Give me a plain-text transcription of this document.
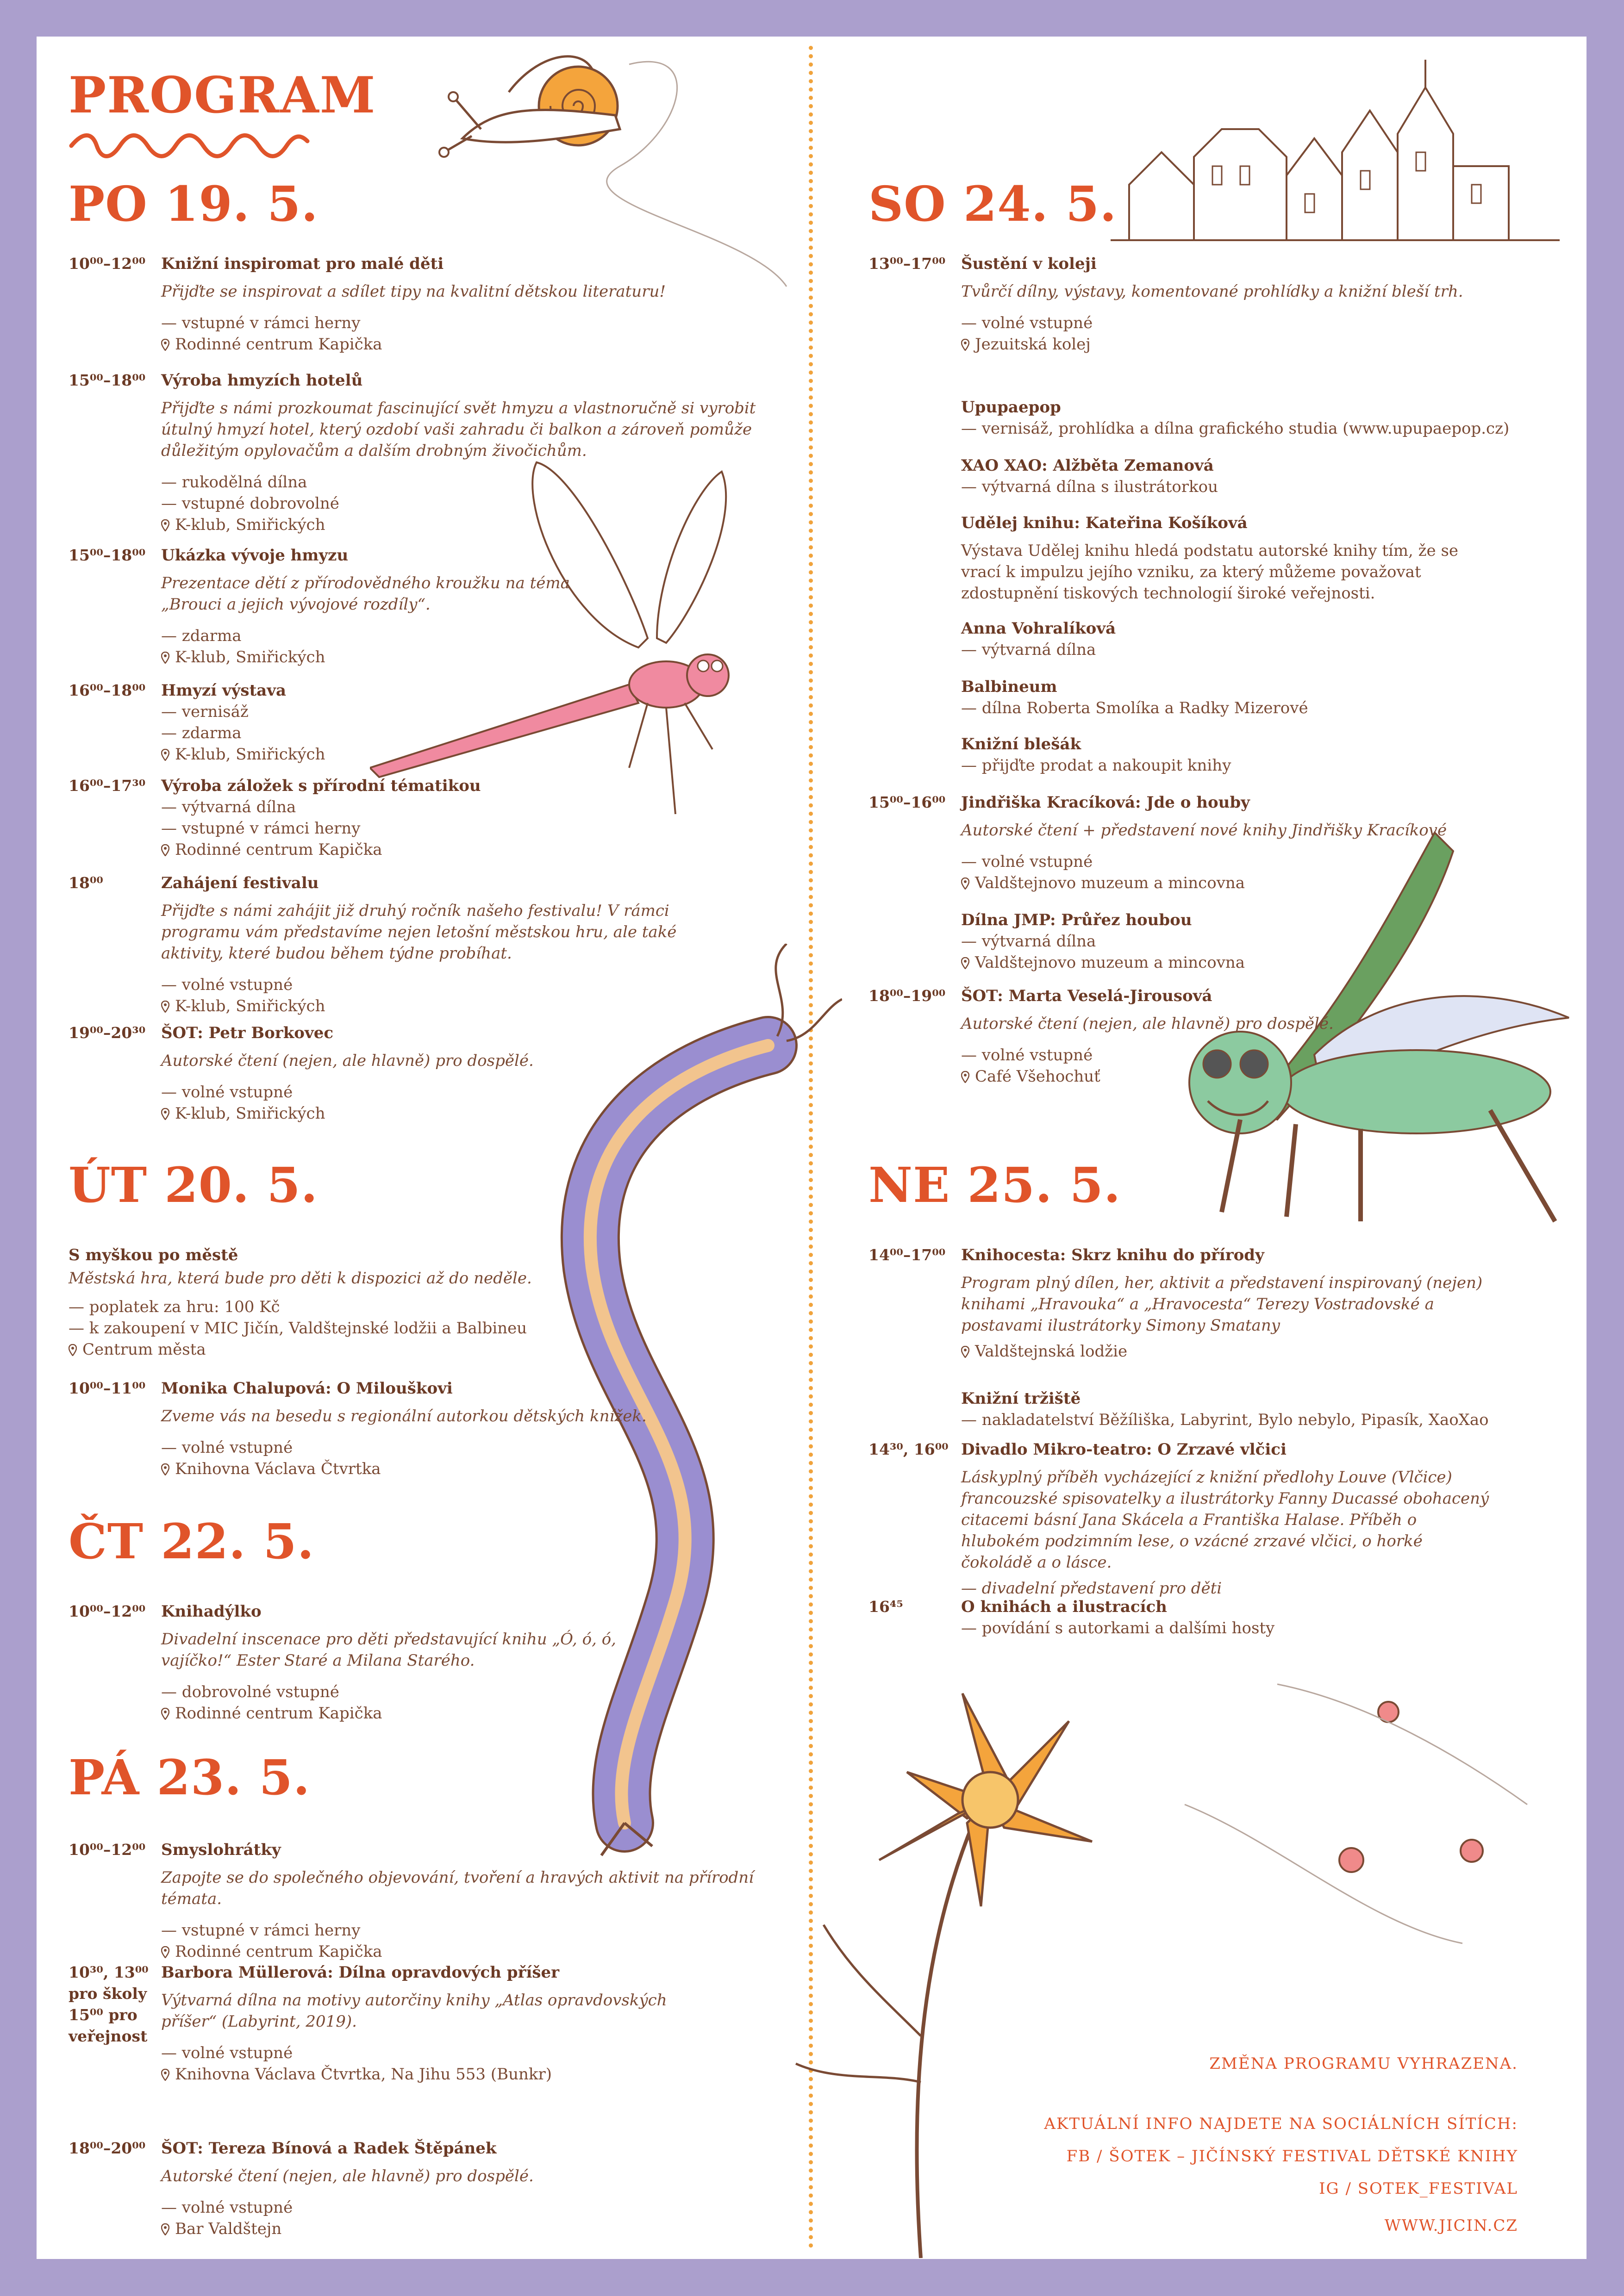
PROGRAM
PO 19. 5.
10⁰⁰–12⁰⁰ Knižní inspiromat pro malé děti
Přijďte se inspirovat a sdílet tipy na kvalitní dětskou literaturu!
— vstupné v rámci herny
Rodinné centrum Kapička
15⁰⁰–18⁰⁰ Výroba hmyzích hotelů
Přijďte s námi prozkoumat fascinující svět hmyzu a vlastnoručně si vyrobit útulný hmyzí hotel, který ozdobí vaši zahradu či balkon a zároveň pomůže důležitým opylovačům a dalším drobným živočichům.
— rukodělná dílna
— vstupné dobrovolné
K-klub, Smiřických
15⁰⁰–18⁰⁰ Ukázka vývoje hmyzu
Prezentace dětí z přírodovědného kroužku na téma „Brouci a jejich vývojové rozdíly“.
— zdarma
K-klub, Smiřických
16⁰⁰–18⁰⁰ Hmyzí výstava
— vernisáž
— zdarma
K-klub, Smiřických
16⁰⁰–17³⁰ Výroba záložek s přírodní tématikou
— výtvarná dílna
— vstupné v rámci herny
Rodinné centrum Kapička
18⁰⁰	Zahájení festivalu
Přijďte s námi zahájit již druhý ročník našeho festivalu! V rámci programu vám představíme nejen letošní městskou hru, ale také aktivity, které budou během týdne probíhat.
— volné vstupné
K-klub, Smiřických
19⁰⁰–20³⁰ ŠOT: Petr Borkovec
Autorské čtení (nejen, ale hlavně) pro dospělé.
— volné vstupné
K-klub, Smiřických
ÚT 20. 5.
S myškou po městě
Městská hra, která bude pro děti k dispozici až do neděle.
— poplatek za hru: 100 Kč
— k zakoupení v MIC Jičín, Valdštejnské lodžii a Balbineu
Centrum města
10⁰⁰–11⁰⁰ Monika Chalupová: O Milouškovi
Zveme vás na besedu s regionální autorkou dětských knížek.
— volné vstupné
Knihovna Václava Čtvrtka
ČT 22. 5.
10⁰⁰–12⁰⁰ Knihadýlko
Divadelní inscenace pro děti představující knihu „Ó, ó, ó, vajíčko!“ Ester Staré a Milana Starého.
— dobrovolné vstupné
Rodinné centrum Kapička
PÁ 23. 5.
10⁰⁰–12⁰⁰ Smyslohrátky
Zapojte se do společného objevování, tvoření a hravých aktivit na přírodní témata.
— vstupné v rámci herny
Rodinné centrum Kapička
10³⁰, 13⁰⁰ pro školy 15⁰⁰ pro veřejnost
Barbora Müllerová: Dílna opravdových příšer
Výtvarná dílna na motivy autorčiny knihy „Atlas opravdovských příšer“ (Labyrint, 2019).
— volné vstupné
Knihovna Václava Čtvrtka, Na Jihu 553 (Bunkr)
18⁰⁰–20⁰⁰ ŠOT: Tereza Bínová a Radek Štěpánek
Autorské čtení (nejen, ale hlavně) pro dospělé.
— volné vstupné
Bar Valdštejn
SO 24. 5.
13⁰⁰–17⁰⁰ Šustění v koleji
Tvůrčí dílny, výstavy, komentované prohlídky a knižní bleší trh.
— volné vstupné
Jezuitská kolej
Upupaepop
— vernisáž, prohlídka a dílna grafického studia (www.upupaepop.cz)
XAO XAO: Alžběta Zemanová
— výtvarná dílna s ilustrátorkou
Udělej knihu: Kateřina Košíková
Výstava Udělej knihu hledá podstatu autorské knihy tím, že se vrací k impulzu jejího vzniku, za který můžeme považovat zdostupnění tiskových technologií široké veřejnosti.
Anna Vohralíková
— výtvarná dílna
Balbineum
— dílna Roberta Smolíka a Radky Mizerové
Knižní blešák
— přijďte prodat a nakoupit knihy
15⁰⁰–16⁰⁰ Jindřiška Kracíková: Jde o houby
Autorské čtení + představení nové knihy Jindřišky Kracíkové
— volné vstupné
Valdštejnovo muzeum a mincovna
Dílna JMP: Průřez houbou
— výtvarná dílna
Valdštejnovo muzeum a mincovna
18⁰⁰–19⁰⁰ ŠOT: Marta Veselá-Jirousová
Autorské čtení (nejen, ale hlavně) pro dospělé.
— volné vstupné
Café Všehochuť
NE 25. 5.
14⁰⁰–17⁰⁰ Knihocesta: Skrz knihu do přírody
Program plný dílen, her, aktivit a představení inspirovaný (nejen) knihami „Hravouka“ a „Hravocesta“ Terezy Vostradovské a postavami ilustrátorky Simony Smatany
Valdštejnská lodžie
Knižní tržiště
— nakladatelství Běžíliška, Labyrint, Bylo nebylo, Pipasík, XaoXao
14³⁰, 16⁰⁰ Divadlo Mikro-teatro: O Zrzavé vlčici
Láskyplný příběh vycházející z knižní předlohy Louve (Vlčice) francouzské spisovatelky a ilustrátorky Fanny Ducassé obohacený citacemi básní Jana Skácela a Františka Halase. Příběh o hlubokém podzimním lese, o vzácné zrzavé vlčici, o horké čokoládě a o lásce.
— divadelní představení pro děti
16⁴⁵	O knihách a ilustracích
— povídání s autorkami a dalšími hosty
ZMĚNA PROGRAMU VYHRAZENA.
AKTUÁLNÍ INFO NAJDETE NA SOCIÁLNÍCH SÍTÍCH:
FB / ŠOTEK – JIČÍNSKÝ FESTIVAL DĚTSKÉ KNIHY
IG / SOTEK_FESTIVAL
WWW.JICIN.CZ
